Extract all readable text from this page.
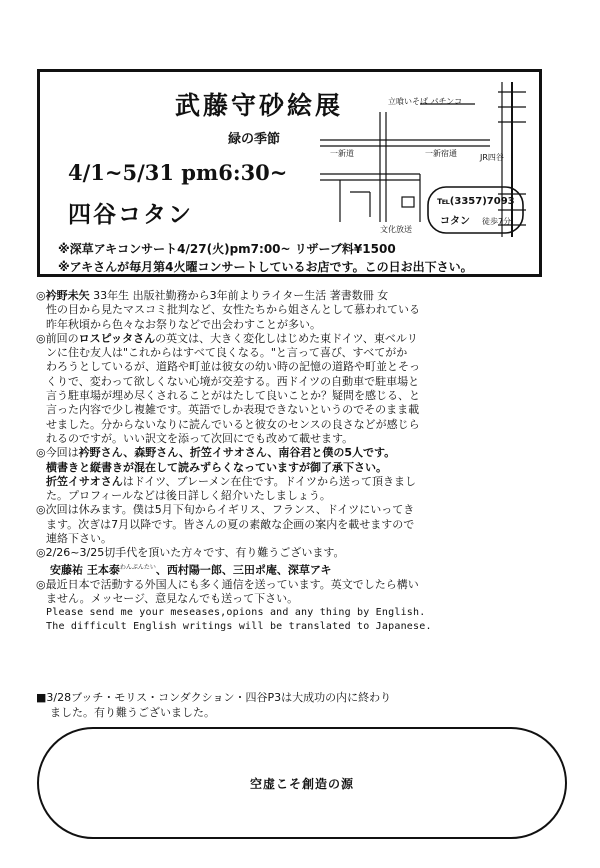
武藤守砂絵展
緑の季節
4/1~5/31 pm6:30~
四谷コタン
立喰いそば パチンコ
一新道	一新宿通	JR四谷
文化放送
℡(3357)7093
コタン 徒歩7分
※深草アキコンサート4/27(火)pm7:00~ リザーブ料¥1500
※アキさんが毎月第4火曜コンサートしているお店です。この日お出下さい。
◎衿野未矢 33年生 出版社勤務から3年前よりライター生活 著書数冊 女
性の目から見たマスコミ批判など、女性たちから姐さんとして慕われている
昨年秋頃から色々なお祭りなどで出会わすことが多い。
◎前回のロスピッタさんの英文は、大きく変化しはじめた東ドイツ、東ベルリ
ンに住む友人は"これからはすべて良くなる。"と言って喜び、すべてがか
わろうとしているが、道路や町並は彼女の幼い時の記憶の道路や町並とそっ
くりで、変わって欲しくない心境が交差する。西ドイツの自動車で駐車場と
言う駐車場が埋め尽くされることがはたして良いことか？疑問を感じる、と
言った内容で少し複雑です。英語でしか表現できないというのでそのまま載
せました。分からないなりに読んでいると彼女のセンスの良さなどが感じら
れるのですが。いい訳文を添って次回にでも改めて載せます。
◎今回は衿野さん、森野さん、折笠イサオさん、南谷君と僕の5人です。
横書きと縦書きが混在して読みずらくなっていますが御了承下さい。
折笠イサオさんはドイツ、ブレーメン在住です。ドイツから送って頂きまし
た。プロフィールなどは後日詳しく紹介いたしましょう。
◎次回は休みます。僕は5月下旬からイギリス、フランス、ドイツにいってき
ます。次ぎは7月以降です。皆さんの夏の素敵な企画の案内を載せますので
連絡下さい。
◎2/26~3/25切手代を頂いた方々です、有り難うございます。
安藤祐 王本泰$^{わんぷんたい}$、西村陽一郎、三田ポ庵、深草アキ
◎最近日本で活動する外国人にも多く通信を送っています。英文でしたら構い
ません。メッセージ、意見なんでも送って下さい。
Please send me your meseases,opions and any thing by English.
The difficult English writings will be translated to Japanese.
■3/28ブッチ・モリス・コンダクション・四谷P3は大成功の内に終わり
ました。有り難うございました。
空虚こそ創造の源
